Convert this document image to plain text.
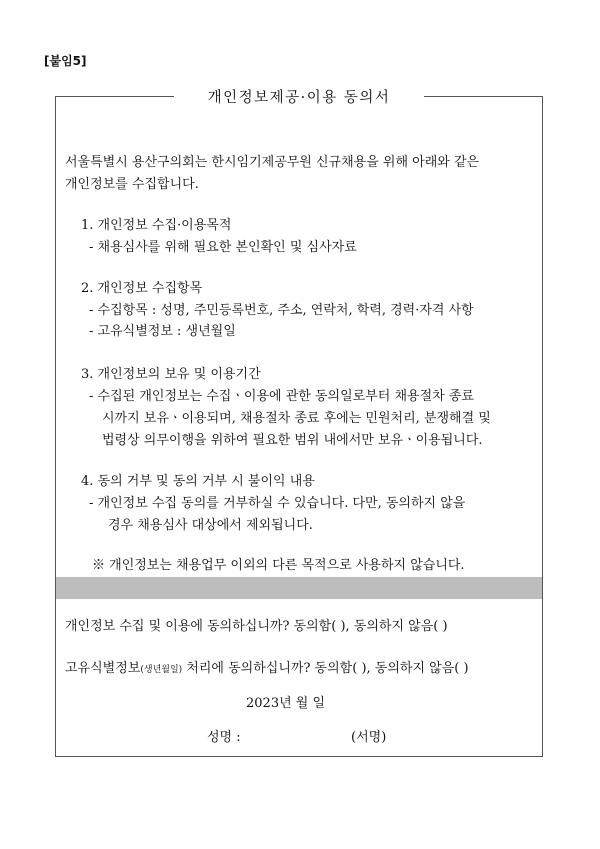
[붙임5]
개인정보제공·이용 동의서
서울특별시 용산구의회는 한시임기제공무원 신규채용을 위해 아래와 같은
개인정보를 수집합니다.
1. 개인정보 수집·이용목적
- 채용심사를 위해 필요한 본인확인 및 심사자료
2. 개인정보 수집항목
- 수집항목 : 성명, 주민등록번호, 주소, 연락처, 학력, 경력·자격 사항
- 고유식별정보 : 생년월일
3. 개인정보의 보유 및 이용기간
- 수집된 개인정보는 수집ㆍ이용에 관한 동의일로부터 채용절차 종료
시까지 보유ㆍ이용되며, 채용절차 종료 후에는 민원처리, 분쟁해결 및
법령상 의무이행을 위하여 필요한 범위 내에서만 보유ㆍ이용됩니다.
4. 동의 거부 및 동의 거부 시 불이익 내용
- 개인정보 수집 동의를 거부하실 수 있습니다. 다만, 동의하지 않을
경우 채용심사 대상에서 제외됩니다.
※ 개인정보는 채용업무 이외의 다른 목적으로 사용하지 않습니다.
개인정보 수집 및 이용에 동의하십니까? 동의함( ), 동의하지 않음( )
고유식별정보(생년월일) 처리에 동의하십니까? 동의함( ), 동의하지 않음( )
2023년 월 일
성명 :	(서명)
